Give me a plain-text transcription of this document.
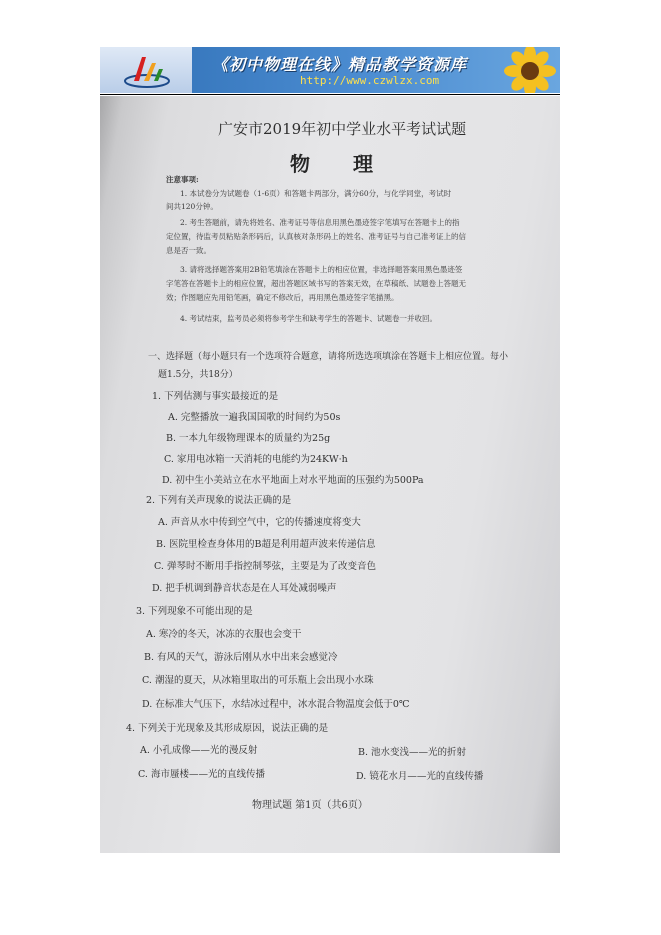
《初中物理在线》精品教学资源库
http://www.czwlzx.com
广安市2019年初中学业水平考试试题
物 理
注意事项:
1. 本试卷分为试题卷（1-6页）和答题卡两部分，满分60分，与化学同堂，考试时
间共120分钟。
2. 考生答题前，请先将姓名、准考证号等信息用黑色墨迹签字笔填写在答题卡上的指
定位置，待监考员粘贴条形码后，认真核对条形码上的姓名、准考证号与自己准考证上的信
息是否一致。
3. 请将选择题答案用2B铅笔填涂在答题卡上的相应位置，非选择题答案用黑色墨迹签
字笔答在答题卡上的相应位置，超出答题区域书写的答案无效，在草稿纸、试题卷上答题无
效；作图题应先用铅笔画，确定不修改后，再用黑色墨迹签字笔描黑。
4. 考试结束，监考员必须将参考学生和缺考学生的答题卡、试题卷一并收回。
一、选择题（每小题只有一个选项符合题意，请将所选选项填涂在答题卡上相应位置。每小
题1.5分，共18分）
1. 下列估测与事实最接近的是
A. 完整播放一遍我国国歌的时间约为50s
B. 一本九年级物理课本的质量约为25g
C. 家用电冰箱一天消耗的电能约为24KW·h
D. 初中生小美站立在水平地面上对水平地面的压强约为500Pa
2. 下列有关声现象的说法正确的是
A. 声音从水中传到空气中，它的传播速度将变大
B. 医院里检查身体用的B超是利用超声波来传递信息
C. 弹琴时不断用手指控制琴弦，主要是为了改变音色
D. 把手机调到静音状态是在人耳处减弱噪声
3. 下列现象不可能出现的是
A. 寒冷的冬天，冰冻的衣服也会变干
B. 有风的天气，游泳后刚从水中出来会感觉冷
C. 潮湿的夏天，从冰箱里取出的可乐瓶上会出现小水珠
D. 在标准大气压下，水结冰过程中，冰水混合物温度会低于0℃
4. 下列关于光现象及其形成原因，说法正确的是
A. 小孔成像——光的漫反射	B. 池水变浅——光的折射
C. 海市蜃楼——光的直线传播	D. 镜花水月——光的直线传播
物理试题 第1页（共6页）
